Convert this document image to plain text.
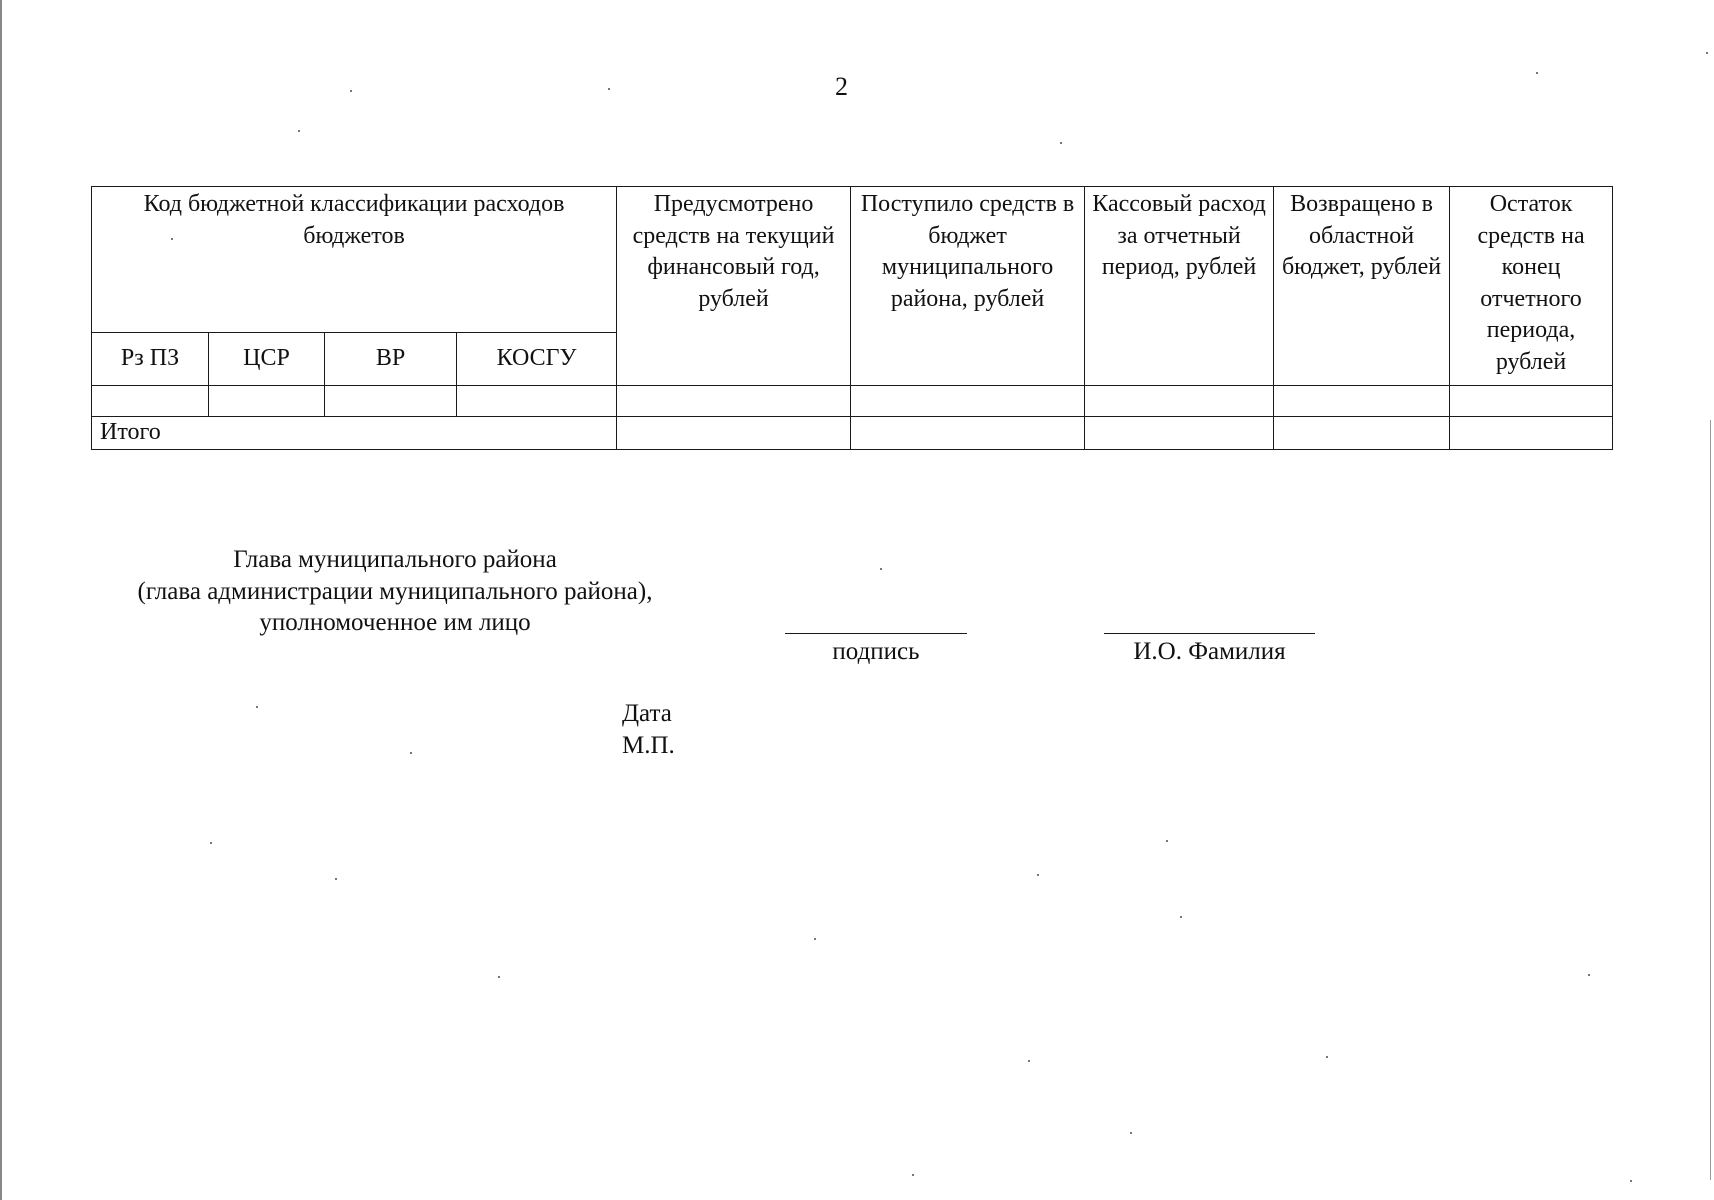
2
Код бюджетной классификации расходов бюджетов				Предусмотрено средств на текущий финансовый год, рублей	Поступило средств в бюджет муниципального района, рублей	Кассовый расход за отчетный период, рублей	Возвращено в областной бюджет, рублей	Остаток средств на конец отчетного периода, рублей
Рз ПЗ	ЦСР	ВР	КОСГУ					

Итого								
Глава муниципального района
(глава администрации муниципального района),
уполномоченное им лицо
подпись	И.О. Фамилия
Дата
М.П.
